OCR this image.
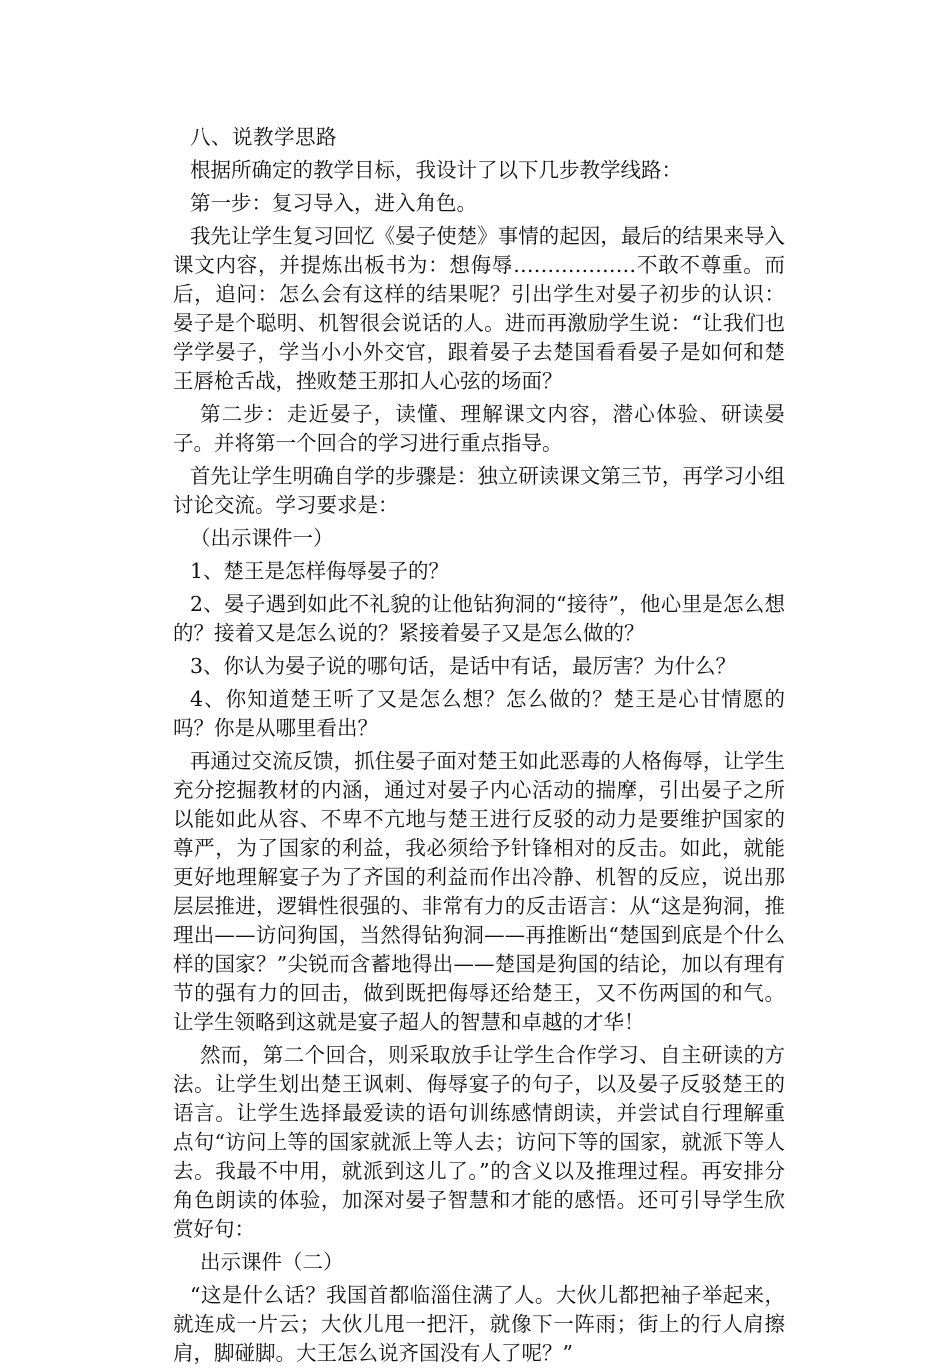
八、说教学思路

根据所确定的教学目标，我设计了以下几步教学线路：

第一步：复习导入，进入角色。

我先让学生复习回忆《晏子使楚》事情的起因，最后的结果来导入课文内容，并提炼出板书为：想侮辱………………不敢不尊重。而后，追问：怎么会有这样的结果呢？引出学生对晏子初步的认识：晏子是个聪明、机智很会说话的人。进而再激励学生说：“让我们也学学晏子，学当小小外交官，跟着晏子去楚国看看晏子是如何和楚王唇枪舌战，挫败楚王那扣人心弦的场面？

第二步：走近晏子，读懂、理解课文内容，潜心体验、研读晏子。并将第一个回合的学习进行重点指导。

首先让学生明确自学的步骤是：独立研读课文第三节，再学习小组讨论交流。学习要求是：

（出示课件一）

1、楚王是怎样侮辱晏子的？

2、晏子遇到如此不礼貌的让他钻狗洞的“接待”，他心里是怎么想的？接着又是怎么说的？紧接着晏子又是怎么做的？

3、你认为晏子说的哪句话，是话中有话，最厉害？为什么？

4、你知道楚王听了又是怎么想？怎么做的？楚王是心甘情愿的吗？你是从哪里看出？

再通过交流反馈，抓住晏子面对楚王如此恶毒的人格侮辱，让学生充分挖掘教材的内涵，通过对晏子内心活动的揣摩，引出晏子之所以能如此从容、不卑不亢地与楚王进行反驳的动力是要维护国家的尊严，为了国家的利益，我必须给予针锋相对的反击。如此，就能更好地理解宴子为了齐国的利益而作出冷静、机智的反应，说出那层层推进，逻辑性很强的、非常有力的反击语言：从“这是狗洞，推理出——访问狗国，当然得钻狗洞——再推断出“楚国到底是个什么样的国家？”尖锐而含蓄地得出——楚国是狗国的结论，加以有理有节的强有力的回击，做到既把侮辱还给楚王，又不伤两国的和气。让学生领略到这就是宴子超人的智慧和卓越的才华！

然而，第二个回合，则采取放手让学生合作学习、自主研读的方法。让学生划出楚王讽刺、侮辱宴子的句子，以及晏子反驳楚王的语言。让学生选择最爱读的语句训练感情朗读，并尝试自行理解重点句“访问上等的国家就派上等人去；访问下等的国家，就派下等人去。我最不中用，就派到这儿了。”的含义以及推理过程。再安排分角色朗读的体验，加深对晏子智慧和才能的感悟。还可引导学生欣赏好句：

出示课件（二）

“这是什么话？我国首都临淄住满了人。大伙儿都把袖子举起来，就连成一片云；大伙儿甩一把汗，就像下一阵雨；街上的行人肩擦肩，脚碰脚。大王怎么说齐国没有人了呢？”
